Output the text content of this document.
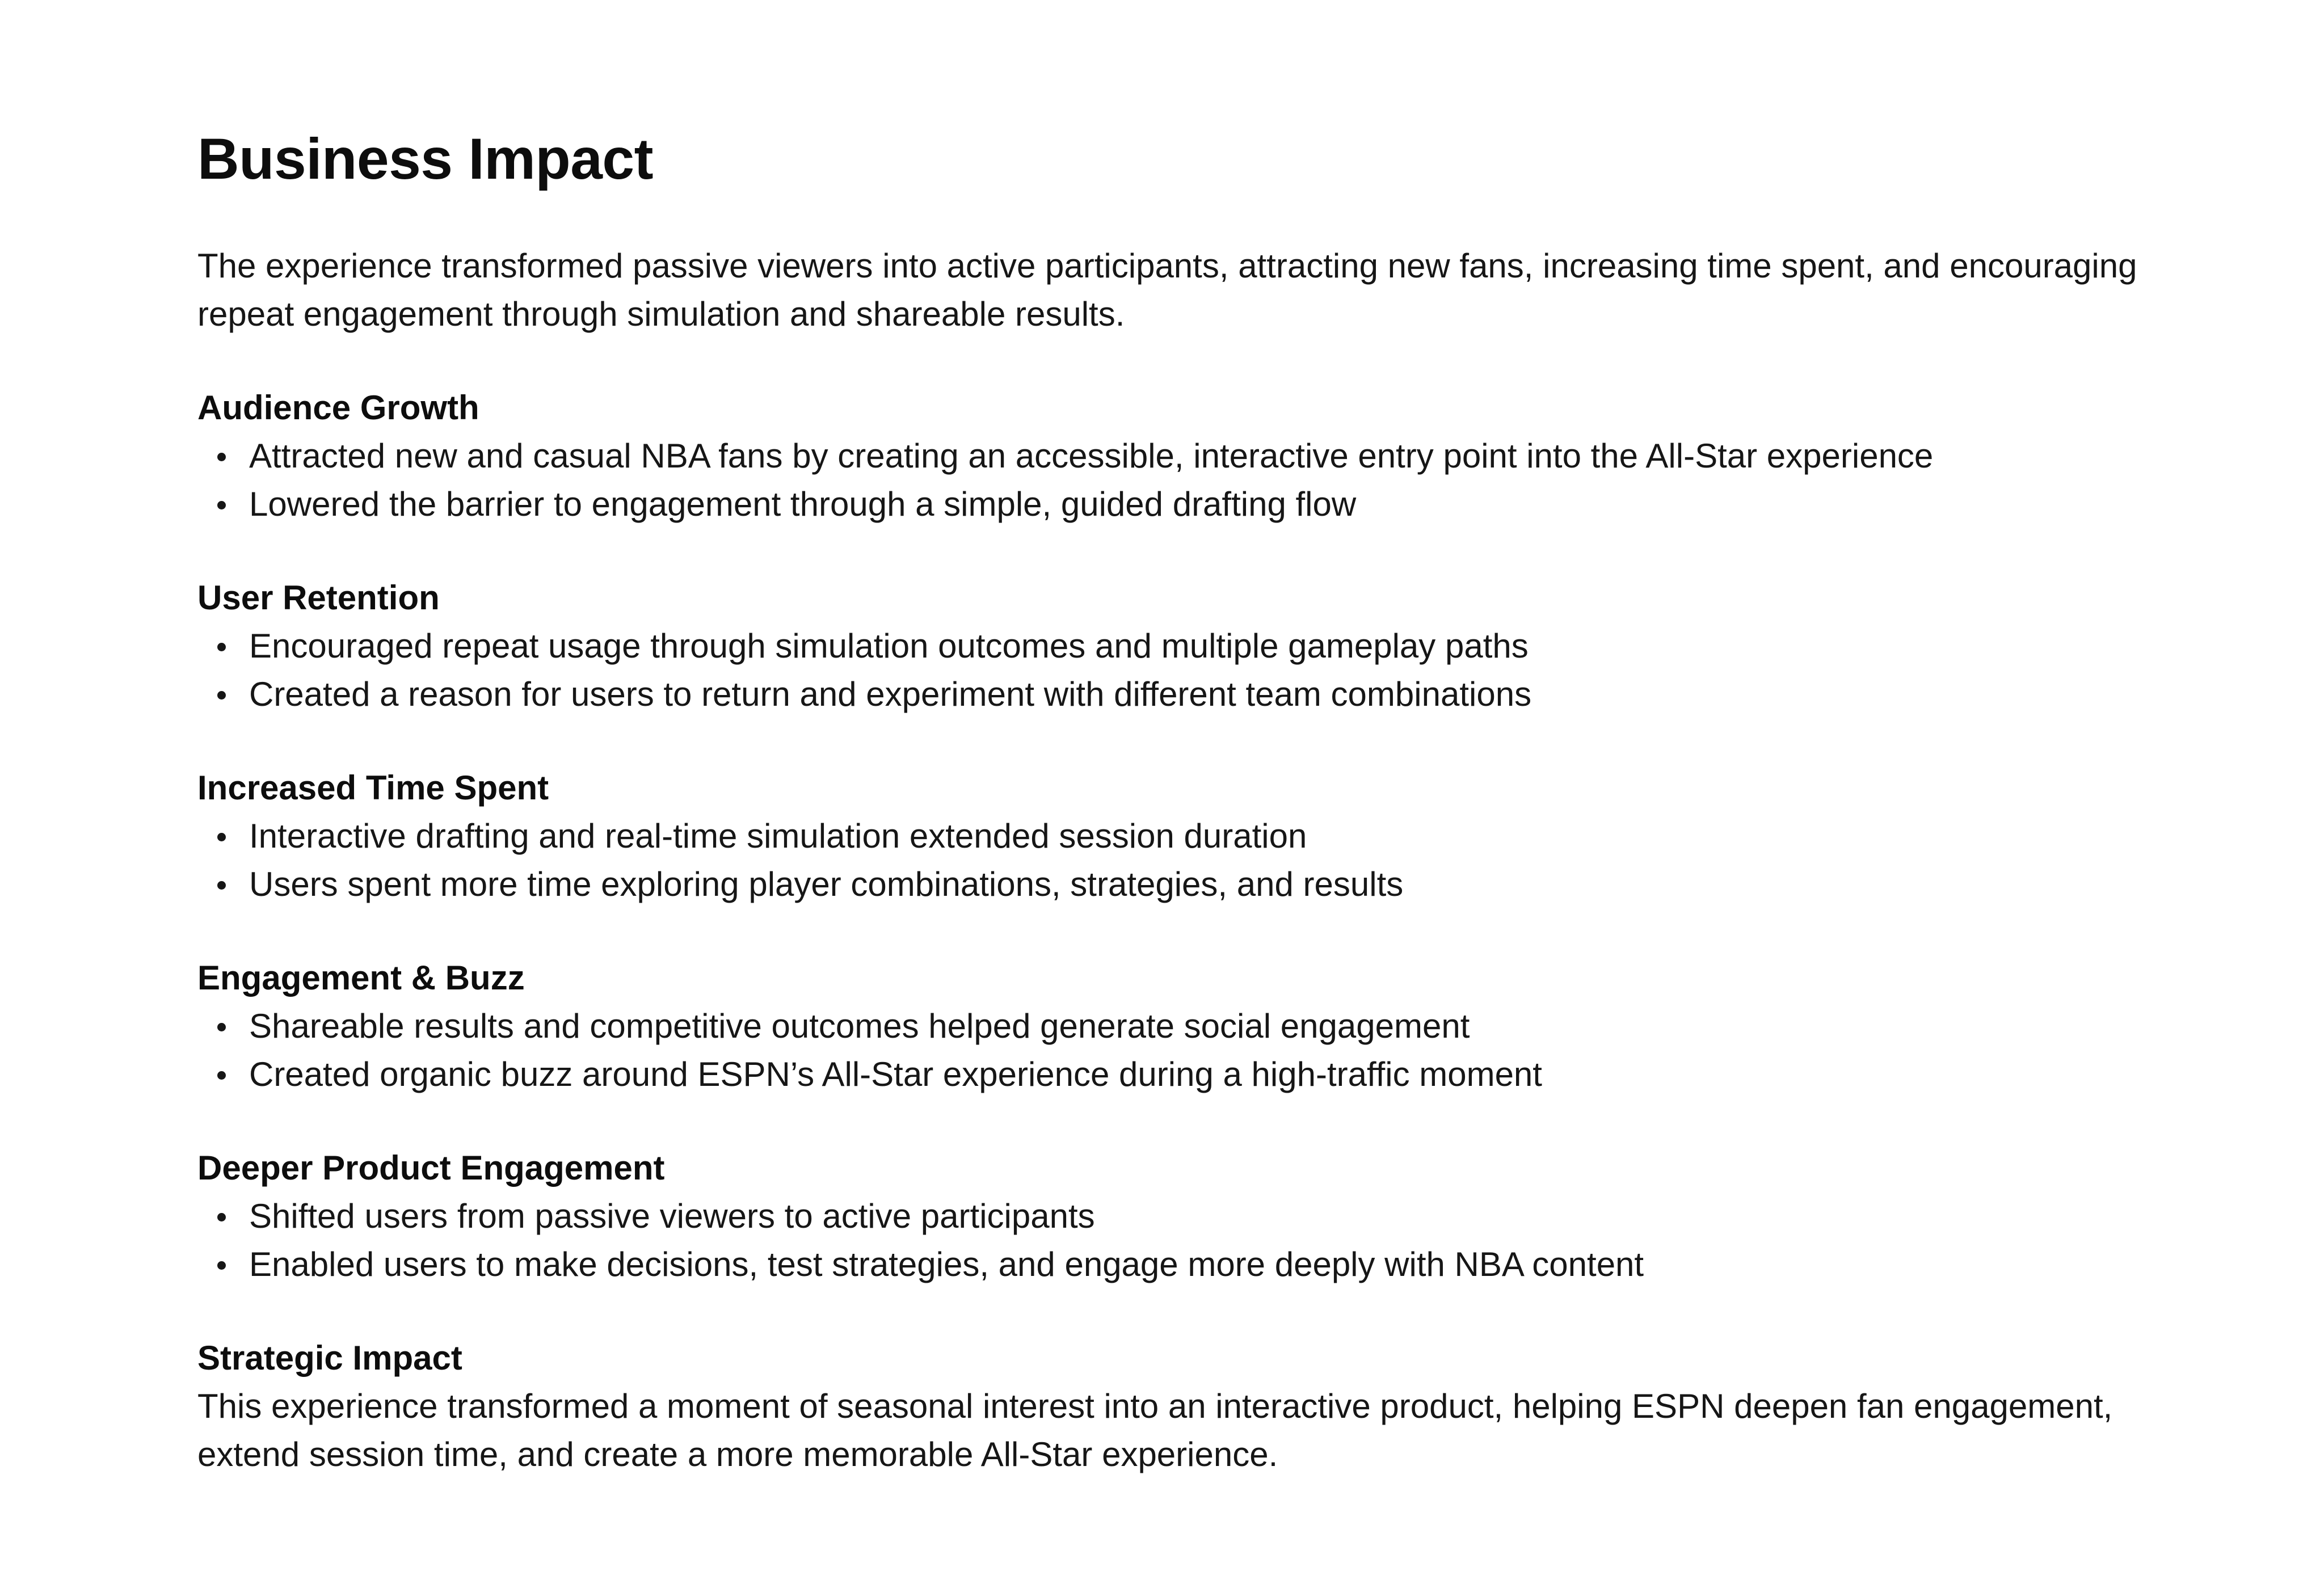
Business Impact

The experience transformed passive viewers into active participants, attracting new fans, increasing time spent, and encouraging repeat engagement through simulation and shareable results.

Audience Growth
Attracted new and casual NBA fans by creating an accessible, interactive entry point into the All-Star experience
Lowered the barrier to engagement through a simple, guided drafting flow
User Retention
Encouraged repeat usage through simulation outcomes and multiple gameplay paths
Created a reason for users to return and experiment with different team combinations
Increased Time Spent
Interactive drafting and real-time simulation extended session duration
Users spent more time exploring player combinations, strategies, and results
Engagement & Buzz
Shareable results and competitive outcomes helped generate social engagement
Created organic buzz around ESPN’s All-Star experience during a high-traffic moment
Deeper Product Engagement
Shifted users from passive viewers to active participants
Enabled users to make decisions, test strategies, and engage more deeply with NBA content
Strategic Impact

This experience transformed a moment of seasonal interest into an interactive product, helping ESPN deepen fan engagement, extend session time, and create a more memorable All-Star experience.
